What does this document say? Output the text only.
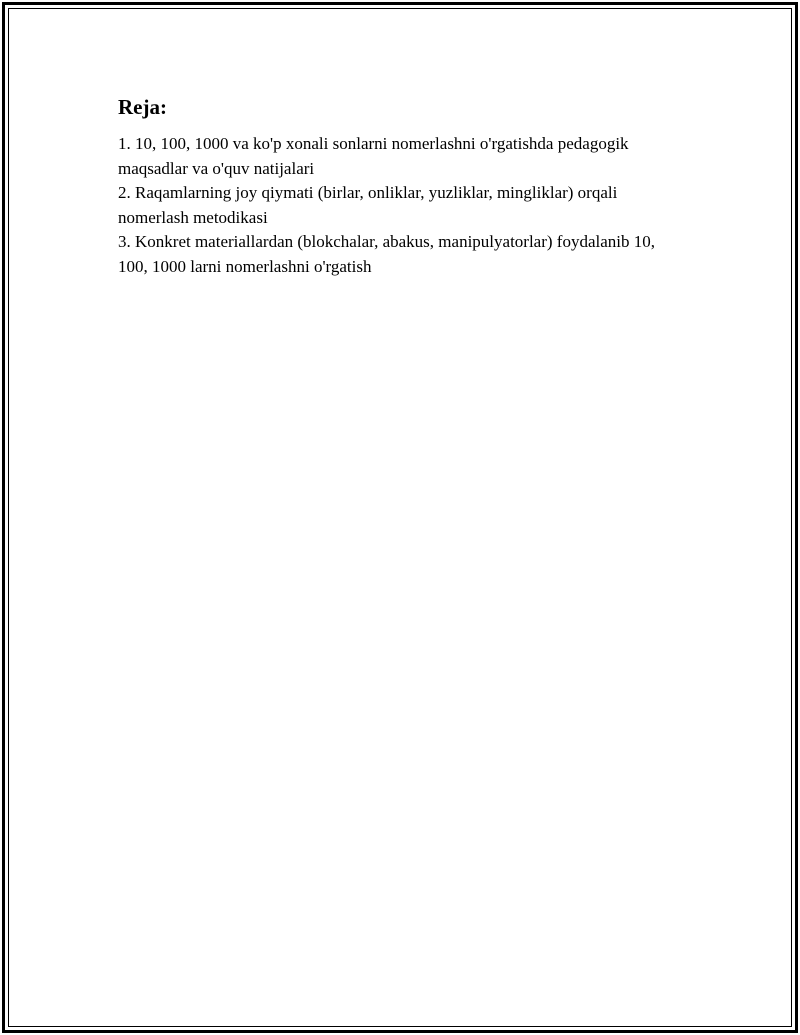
Reja:
1. 10, 100, 1000 va ko'p xonali sonlarni nomerlashni o'rgatishda pedagogik maqsadlar va o'quv natijalari
2. Raqamlarning joy qiymati (birlar, onliklar, yuzliklar, mingliklar) orqali nomerlash metodikasi
3. Konkret materiallardan (blokchalar, abakus, manipulyatorlar) foydalanib 10, 100, 1000 larni nomerlashni o'rgatish
